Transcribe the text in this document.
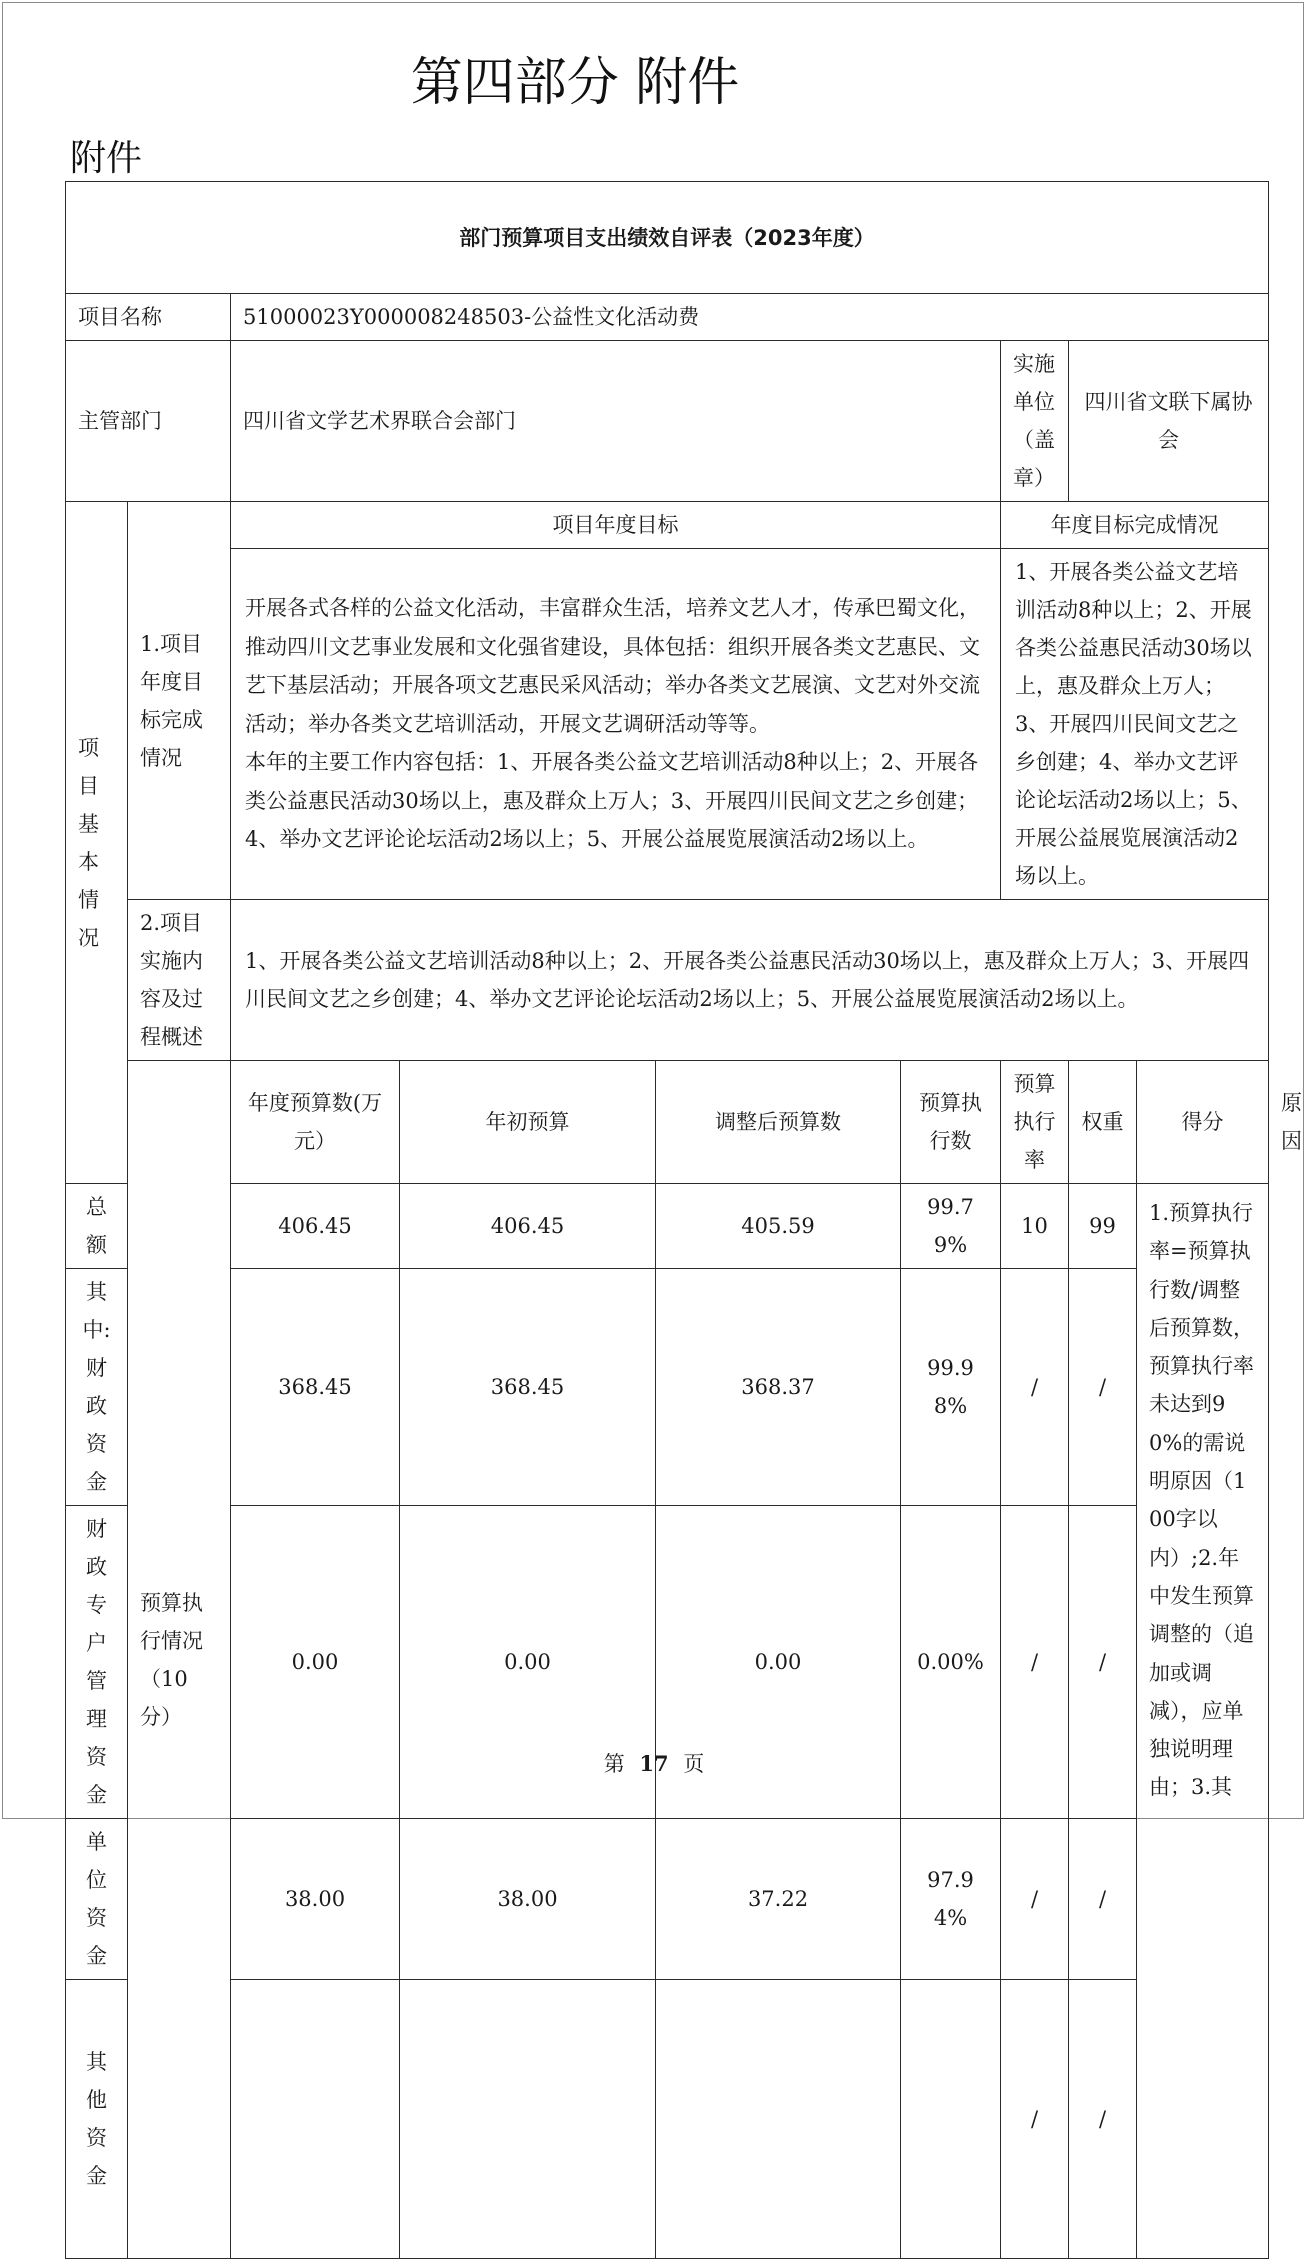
第四部分 附件
附件
部门预算项目支出绩效自评表（2023年度）									
项目名称		51000023Y000008248503-公益性文化活动费							
主管部门		四川省文学艺术界联合会部门				实施单位（盖章）	四川省文联下属协会		
项目基本情况	1.项目年度目标完成情况	项目年度目标				年度目标完成情况			

		开展各式各样的公益文化活动，丰富群众生活，培养文艺人才，传承巴蜀文化，推动四川文艺事业发展和文化强省建设，具体包括：组织开展各类文艺惠民、文艺下基层活动；开展各项文艺惠民采风活动；举办各类文艺展演、文艺对外交流活动；举办各类文艺培训活动，开展文艺调研活动等等。
本年的主要工作内容包括：1、开展各类公益文艺培训活动8种以上；2、开展各类公益惠民活动30场以上，惠及群众上万人；3、开展四川民间文艺之乡创建；4、举办文艺评论论坛活动2场以上；5、开展公益展览展演活动2场以上。				1、开展各类公益文艺培训活动8种以上；2、开展各类公益惠民活动30场以上，惠及群众上万人；3、开展四川民间文艺之乡创建；4、举办文艺评论论坛活动2场以上；5、开展公益展览展演活动2场以上。			
	2.项目实施内容及过程概述	1、开展各类公益文艺培训活动8种以上；2、开展各类公益惠民活动30场以上，惠及群众上万人；3、开展四川民间文艺之乡创建；4、举办文艺评论论坛活动2场以上；5、开展公益展览展演活动2场以上。							
	预算执行情况（10分）	年度预算数(万元）	年初预算	调整后预算数	预算执行数	预算执行率	权重	得分	原因
总额		406.45	406.45	405.59	99.79%	10	99	1.预算执行率=预算执行数/调整后预算数，预算执行率未达到90%的需说明原因（100字以内）;2.年中发生预算调整的（追加或调减），应单独说明理由；3.其	
其中:财政资金		368.45	368.45	368.37	99.98%	/	/		
财政专户管理资金		0.00	0.00	0.00	0.00%	/	/		
单位资金		38.00	38.00	37.22	97.94%	/	/		
其他资金						/	/		
第 17 页
